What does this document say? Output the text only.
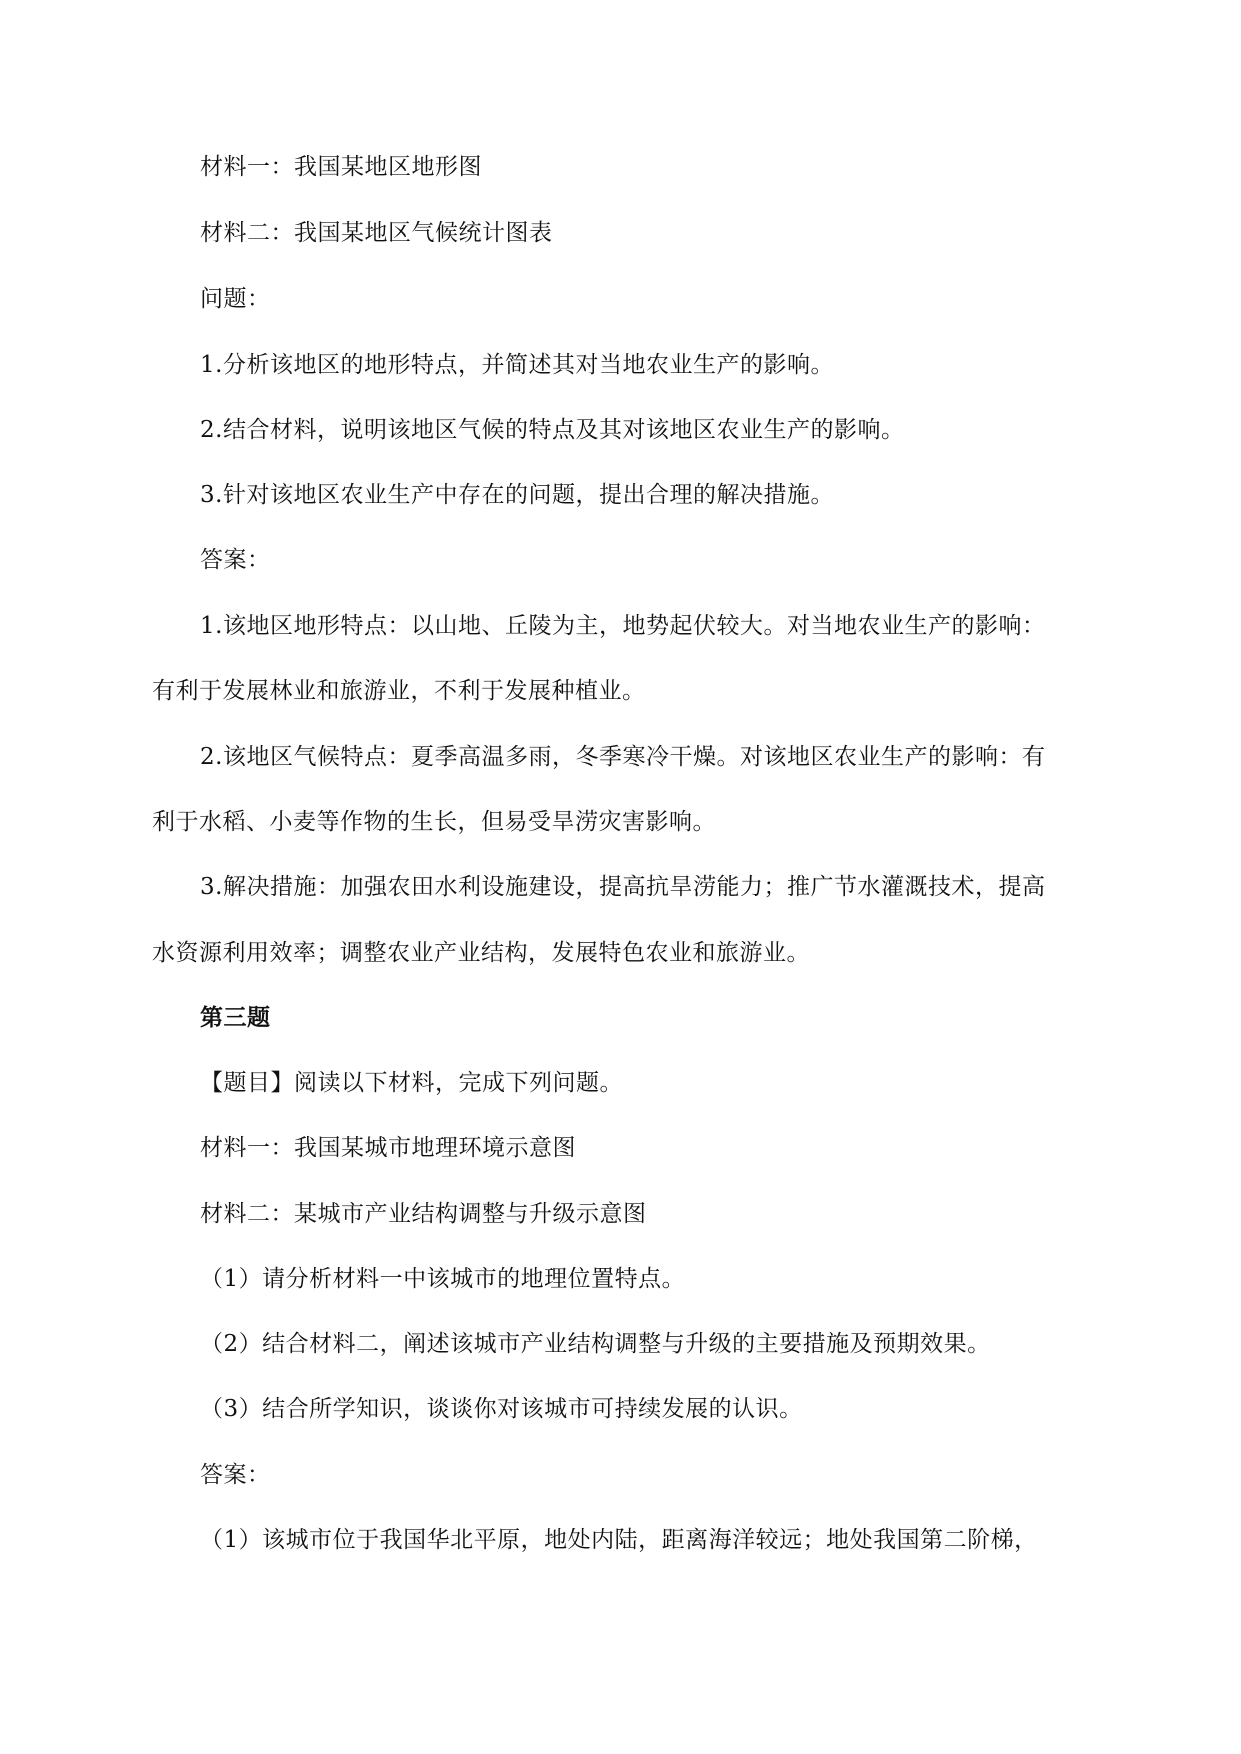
材料一：我国某地区地形图
材料二：我国某地区气候统计图表
问题：
1.分析该地区的地形特点，并简述其对当地农业生产的影响。
2.结合材料，说明该地区气候的特点及其对该地区农业生产的影响。
3.针对该地区农业生产中存在的问题，提出合理的解决措施。
答案：
1.该地区地形特点：以山地、丘陵为主，地势起伏较大。对当地农业生产的影响：
有利于发展林业和旅游业，不利于发展种植业。
2.该地区气候特点：夏季高温多雨，冬季寒冷干燥。对该地区农业生产的影响：有
利于水稻、小麦等作物的生长，但易受旱涝灾害影响。
3.解决措施：加强农田水利设施建设，提高抗旱涝能力；推广节水灌溉技术，提高
水资源利用效率；调整农业产业结构，发展特色农业和旅游业。
第三题
【题目】阅读以下材料，完成下列问题。
材料一：我国某城市地理环境示意图
材料二：某城市产业结构调整与升级示意图
（1）请分析材料一中该城市的地理位置特点。
（2）结合材料二，阐述该城市产业结构调整与升级的主要措施及预期效果。
（3）结合所学知识，谈谈你对该城市可持续发展的认识。
答案：
（1）该城市位于我国华北平原，地处内陆，距离海洋较远；地处我国第二阶梯，
